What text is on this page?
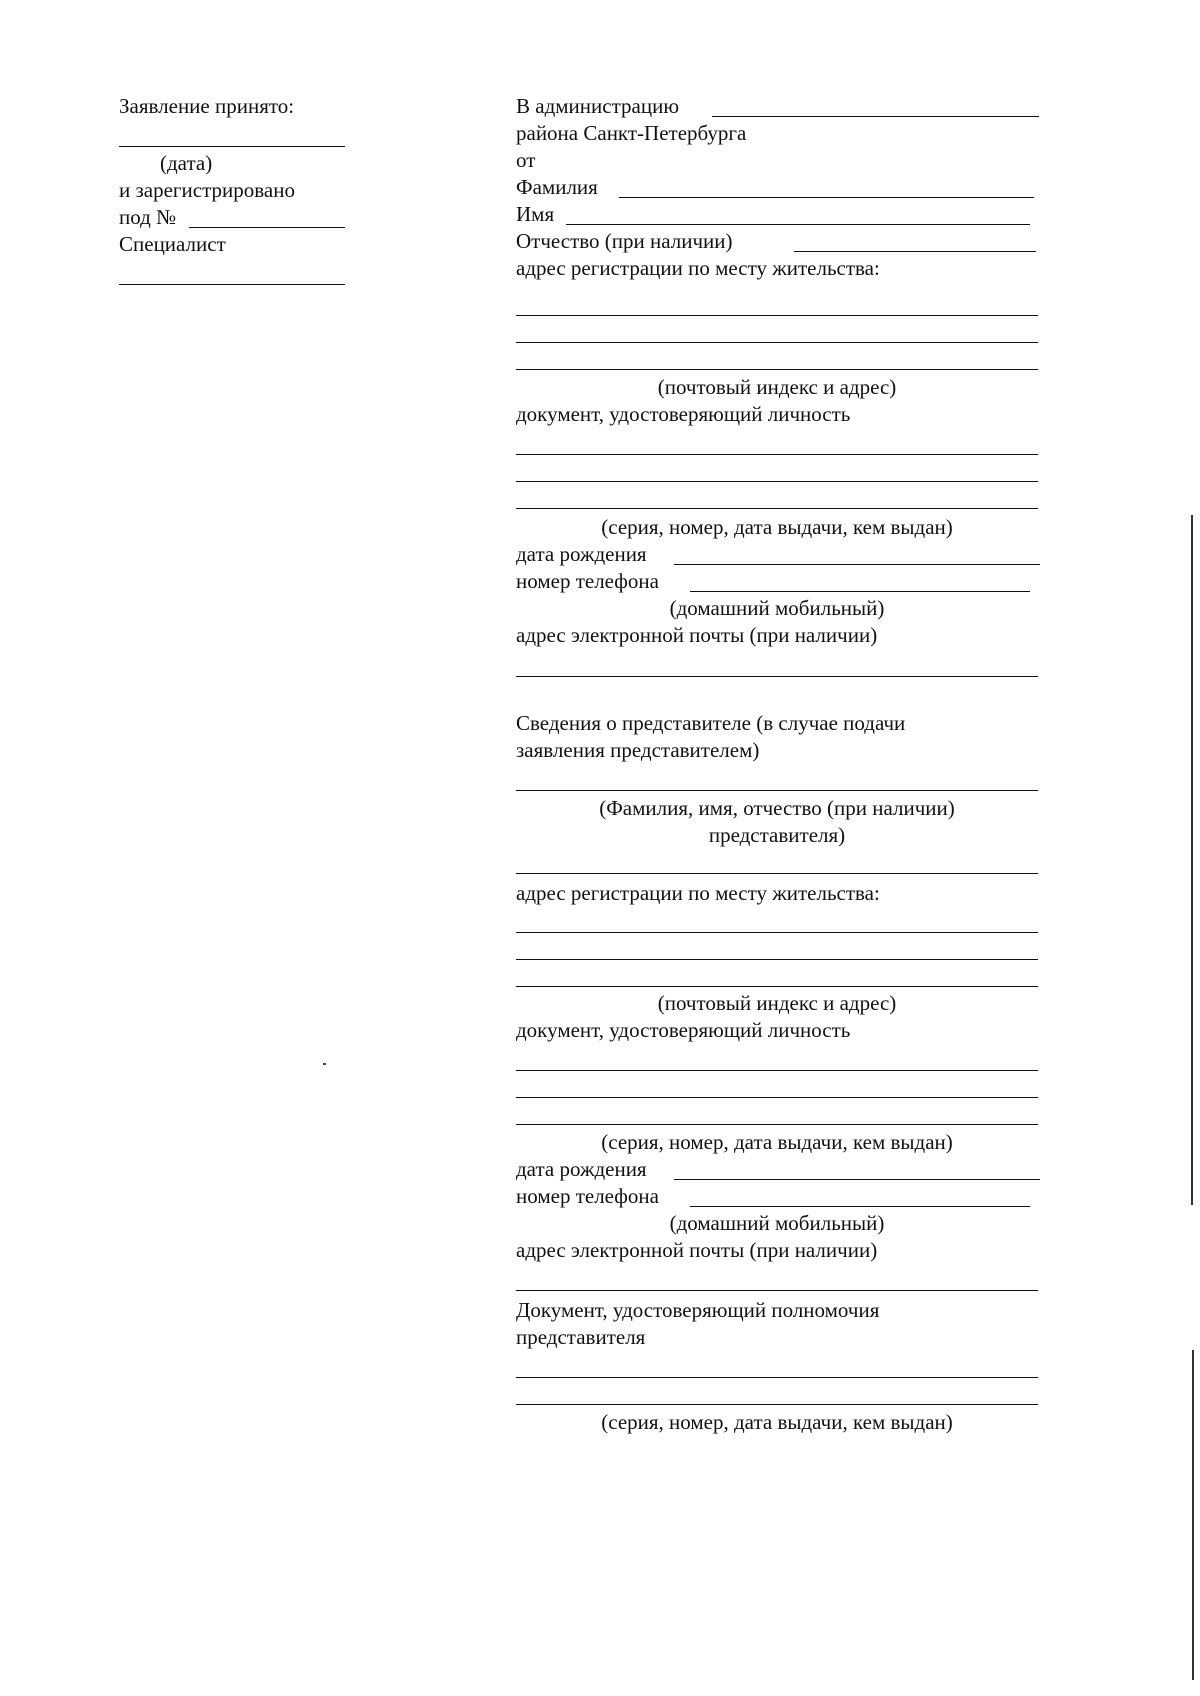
Заявление принято:
(дата)
и зарегистрировано
под №
Специалист
В администрацию
района Санкт-Петербурга
от
Фамилия
Имя
Отчество (при наличии)
адрес регистрации по месту жительства:
(почтовый индекс и адрес)
документ, удостоверяющий личность
(серия, номер, дата выдачи, кем выдан)
дата рождения
номер телефона
(домашний мобильный)
адрес электронной почты (при наличии)
Сведения о представителе (в случае подачи
заявления представителем)
(Фамилия, имя, отчество (при наличии)
представителя)
адрес регистрации по месту жительства:
(почтовый индекс и адрес)
документ, удостоверяющий личность
(серия, номер, дата выдачи, кем выдан)
дата рождения
номер телефона
(домашний мобильный)
адрес электронной почты (при наличии)
Документ, удостоверяющий полномочия
представителя
(серия, номер, дата выдачи, кем выдан)
